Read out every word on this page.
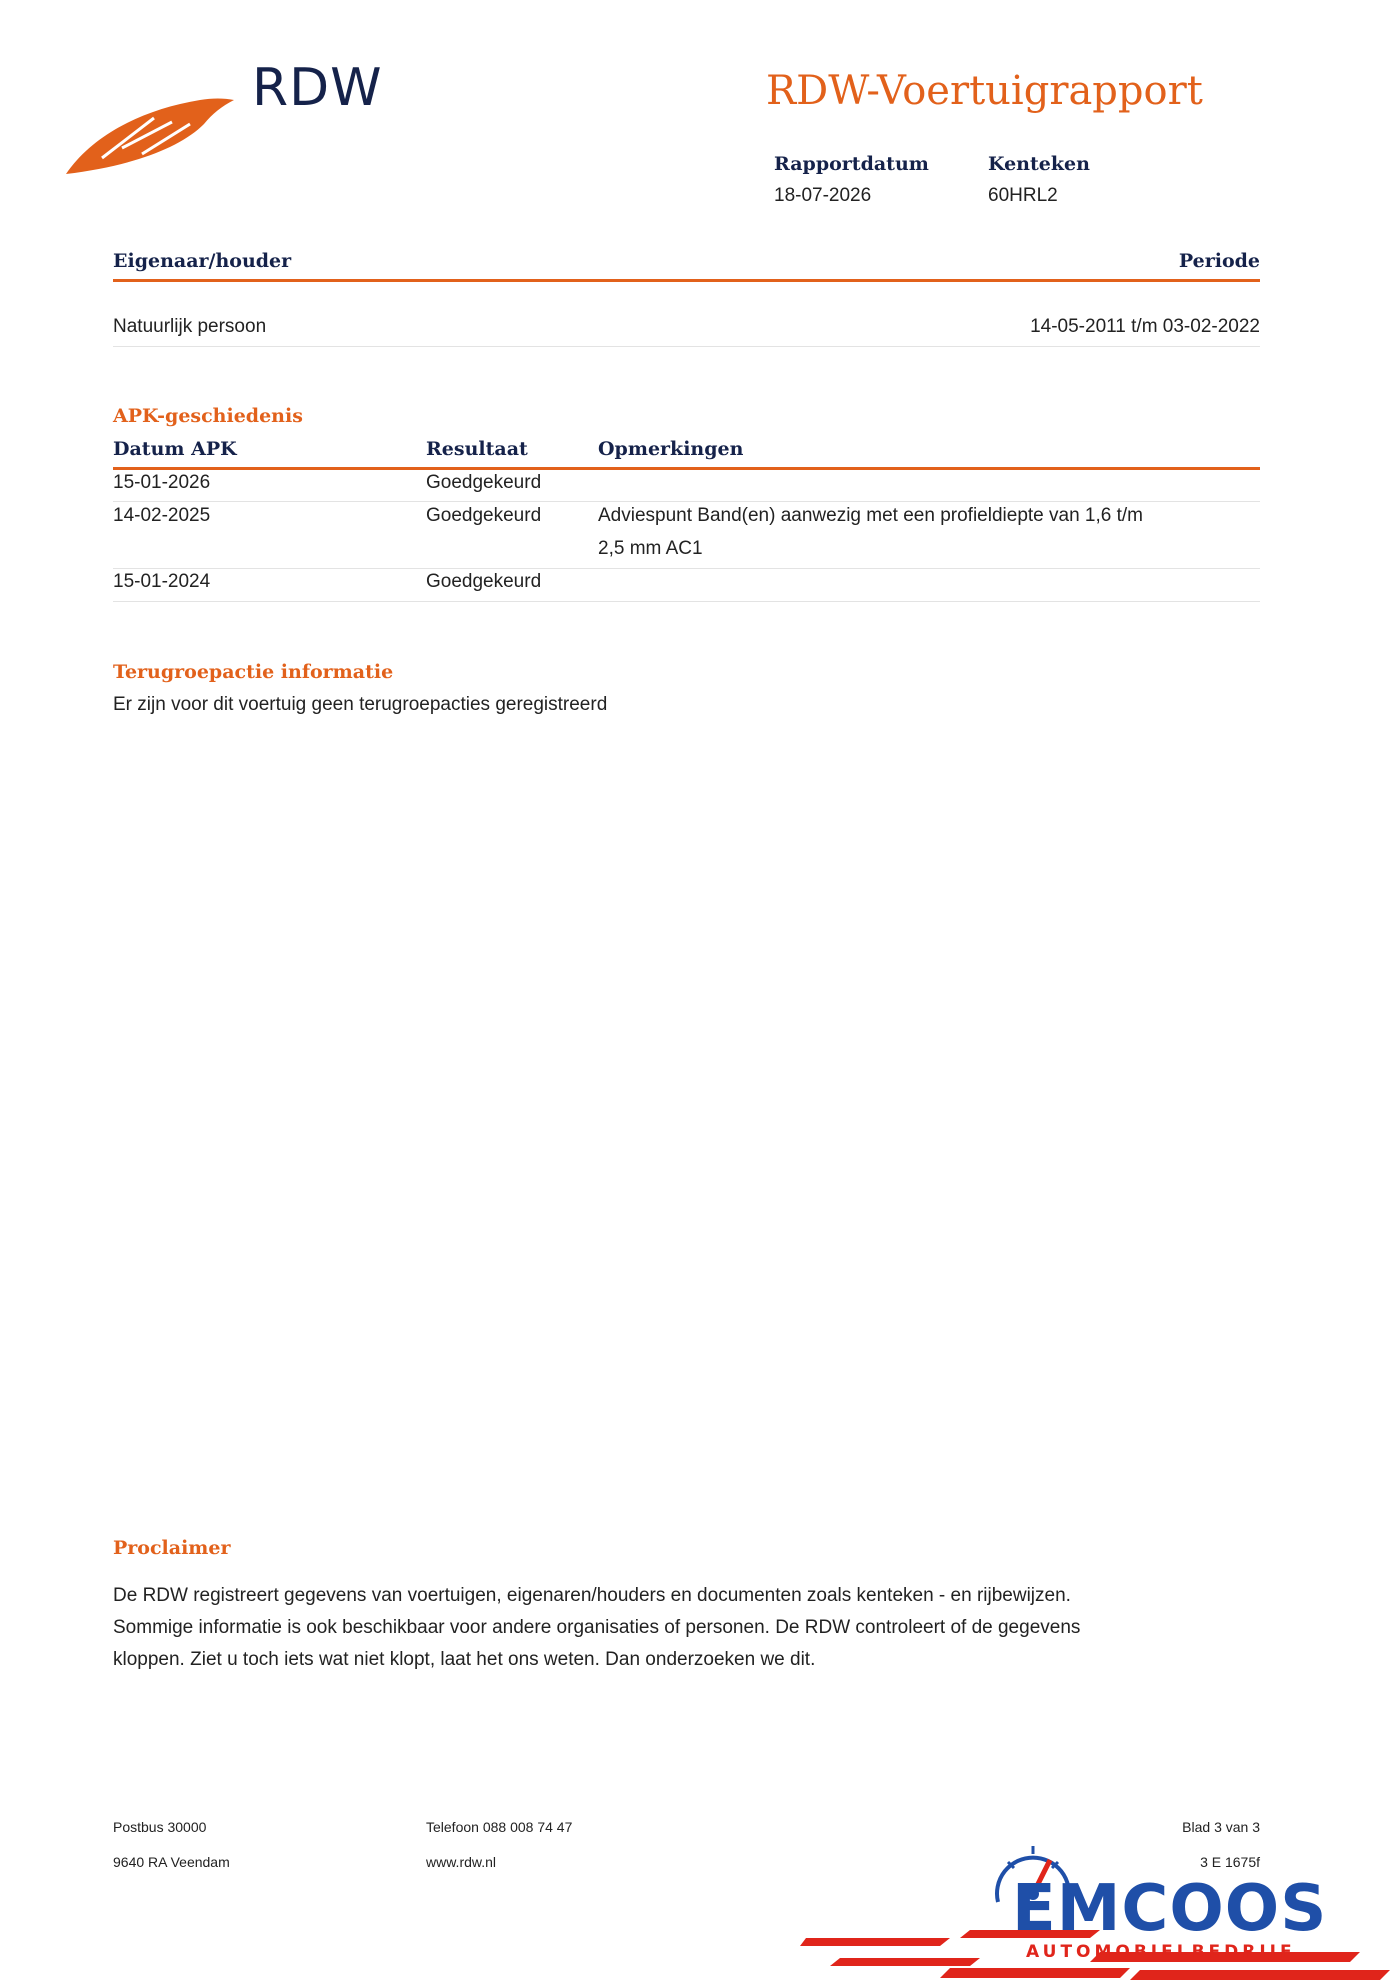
RDW	RDW-Voertuigrapport
Rapportdatum
18-07-2026
Kenteken
60HRL2
Eigenaar/houder	Periode
Natuurlijk persoon	14-05-2011 t/m 03-02-2022
APK-geschiedenis
Datum APK	Resultaat	Opmerkingen
15-01-2026	Goedgekeurd
14-02-2025	Goedgekeurd	Adviespunt Band(en) aanwezig met een profieldiepte van 1,6 t/m
2,5 mm AC1
15-01-2024	Goedgekeurd
Terugroepactie informatie
Er zijn voor dit voertuig geen terugroepacties geregistreerd
Proclaimer
De RDW registreert gegevens van voertuigen, eigenaren/houders en documenten zoals kenteken - en rijbewijzen.
Sommige informatie is ook beschikbaar voor andere organisaties of personen. De RDW controleert of de gegevens
kloppen. Ziet u toch iets wat niet klopt, laat het ons weten. Dan onderzoeken we dit.
Postbus 30000
9640 RA Veendam
Telefoon 088 008 74 47
www.rdw.nl
Blad 3 van 3
3 E 1675f
EMCOOS
AUTOMOBIELBEDRIJF
